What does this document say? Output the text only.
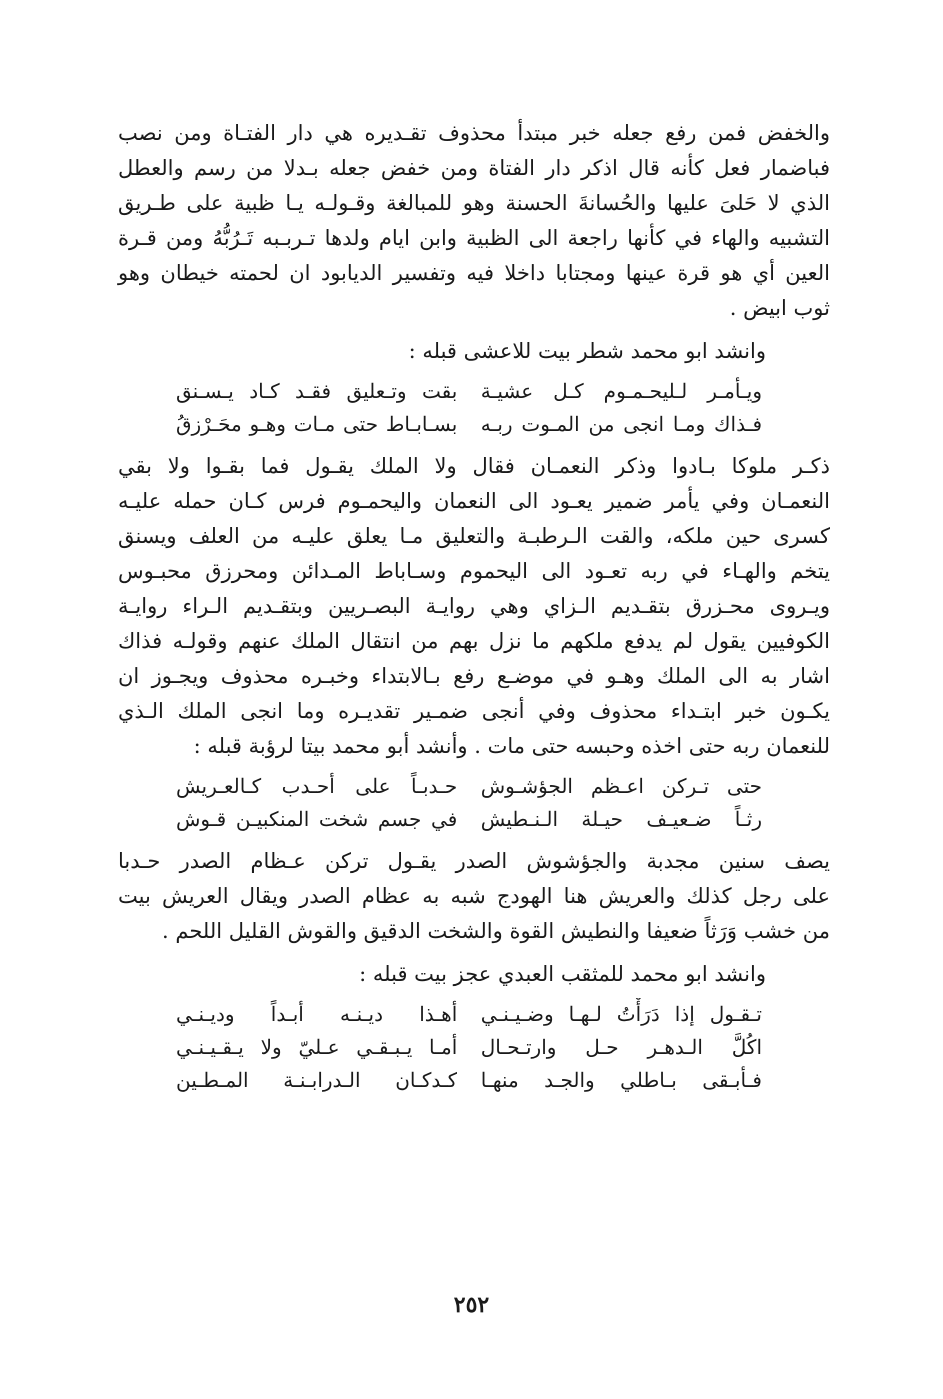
والخفض فمن رفع جعله خبر مبتدأ محذوف تقـديره هي دار الفتـاة ومن نصب
فباضمار فعل كأنه قال اذكر دار الفتاة ومن خفض جعله بـدلا من رسم والعطل
الذي لا حَلىَ عليها والحُسانةَ الحسنة وهو للمبالغة وقـولـه يـا ظبية على طـريق
التشبيه والهاء في كأنها راجعة الى الظبية وابن ايام ولدها تـربـبه تَـرُبُّهُ ومن قـرة
العين أي هو قرة عينها ومجتابا داخلا فيه وتفسير الديابود ان لحمته خيطان وهو
ثوب ابيض .

وانشد ابو محمد شطر بيت للاعشى قبله :
ويـأمـر لـليحـمـوم كـل عشيـة
بقت وتـعليق فقـد كـاد يـسـنق
فـذاك ومـا انجى من المـوت ربـه
بسـابـاط حتى مـات وهـو محَـرْزقُ

ذكـر ملوكا بـادوا وذكر النعمـان فقال ولا الملك يقـول فما بقـوا ولا بقي
النعمـان وفي يأمر ضمير يعـود الى النعمان واليحمـوم فرس كـان حمله عليـه
كسرى حين ملكه، والقت الـرطبـة والتعليق مـا يعلق عليـه من العلف ويسنق
يتخم والهـاء في ربه تعـود الى اليحموم وسـاباط المـدائن ومحرزق محبـوس
ويـروى محـزرق بتقـديم الـزاي وهي روايـة البصـريين وبتقـديم الـراء روايـة
الكوفيين يقول لم يدفع ملكهم ما نزل بهم من انتقال الملك عنهم وقولـه فذاك
اشار به الى الملك وهـو في موضـع رفع بـالابتداء وخبـره محذوف ويجـوز ان
يكـون خبر ابتـداء محذوف وفي أنجى ضمـير تقديـره وما انجى الملك الـذي
للنعمان ربه حتى اخذه وحبسه حتى مات . وأنشد أبو محمد بيتا لرؤبة قبله :

حتى تـركن اعـظم الجؤشـوش
حـدبـاً على أحـدب كـالعـريش
رثـاً ضـعيـف حيـلة الـنـطيش
في جسم شخت المنكبيـن قـوش

يصف سنين مجدبة والجؤشوش الصدر يقـول تركن عـظام الصدر حـدبا
على رجل كذلك والعريش هنا الهودج شبه به عظام الصدر ويقال العريش بيت
من خشب وَرَثاً ضعيفا والنطيش القوة والشخت الدقيق والقوش القليل اللحم .

وانشد ابو محمد للمثقب العبدي عجز بيت قبله :
تـقـول إذا دَرَأْتُ لـهـا وضـيـنـي
أهـذا ديـنـه أبـداً وديـنـي
اكُلَّ الـدهـر حـل وارتـحـال
أمـا يـبـقـي عـليّ ولا يـقـيـنـي
فـأبـقى بـاطلي والجـد منهـا
كـدكـان الـدرابـنـة المـطـين
٢٥٢
